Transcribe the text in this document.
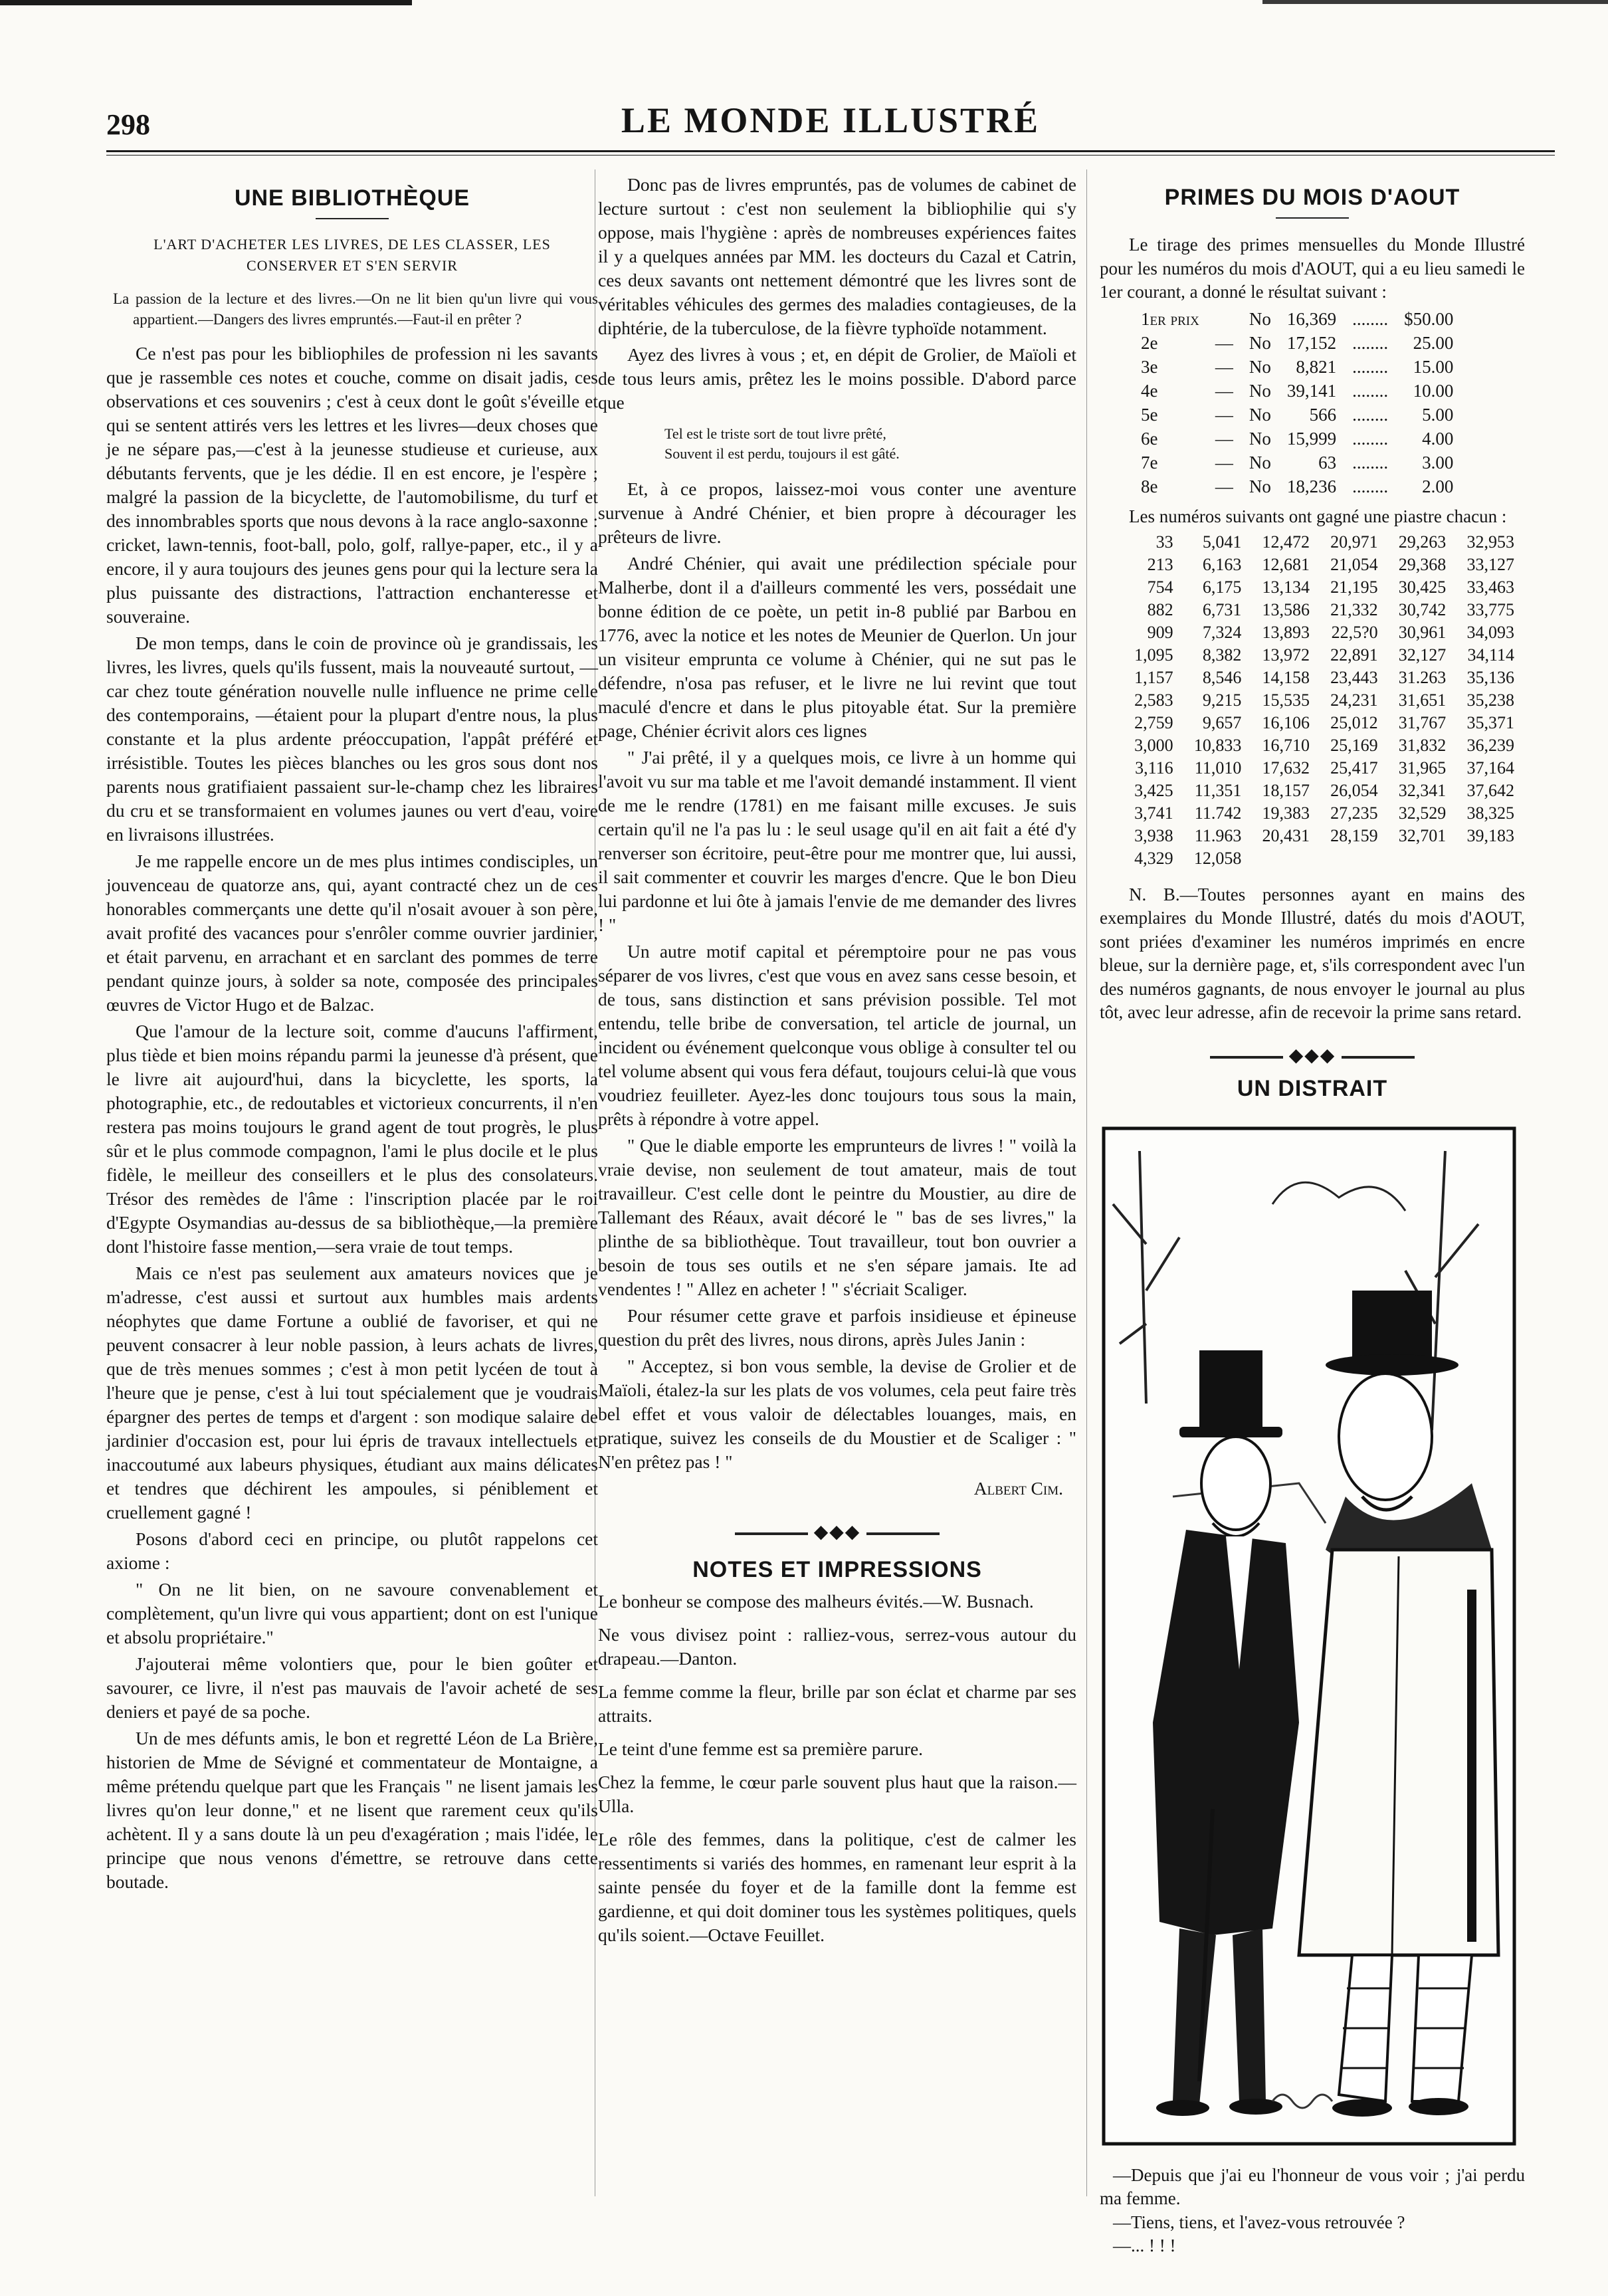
298	LE MONDE ILLUSTRÉ
UNE BIBLIOTHÈQUE
L'ART D'ACHETER LES LIVRES, DE LES CLASSER, LES CONSERVER ET S'EN SERVIR
La passion de la lecture et des livres.—On ne lit bien qu'un livre qui vous appartient.—Dangers des livres empruntés.—Faut-il en prêter ?

Ce n'est pas pour les bibliophiles de profession ni les savants que je rassemble ces notes et couche, comme on disait jadis, ces observations et ces souvenirs ; c'est à ceux dont le goût s'éveille et qui se sentent attirés vers les lettres et les livres—deux choses que je ne sépare pas,—c'est à la jeunesse studieuse et curieuse, aux débutants fervents, que je les dédie. Il en est encore, je l'espère ; malgré la passion de la bicyclette, de l'automobilisme, du turf et des innombrables sports que nous devons à la race anglo-saxonne : cricket, lawn-tennis, foot-ball, polo, golf, rallye-paper, etc., il y a encore, il y aura toujours des jeunes gens pour qui la lecture sera la plus puissante des distractions, l'attraction enchanteresse et souveraine.

De mon temps, dans le coin de province où je grandissais, les livres, les livres, quels qu'ils fussent, mais la nouveauté surtout, —car chez toute génération nouvelle nulle influence ne prime celle des contemporains, —étaient pour la plupart d'entre nous, la plus constante et la plus ardente préoccupation, l'appât préféré et irrésistible. Toutes les pièces blanches ou les gros sous dont nos parents nous gratifiaient passaient sur-le-champ chez les libraires du cru et se transformaient en volumes jaunes ou vert d'eau, voire en livraisons illustrées.

Je me rappelle encore un de mes plus intimes condisciples, un jouvenceau de quatorze ans, qui, ayant contracté chez un de ces honorables commerçants une dette qu'il n'osait avouer à son père, avait profité des vacances pour s'enrôler comme ouvrier jardinier, et était parvenu, en arrachant et en sarclant des pommes de terre pendant quinze jours, à solder sa note, composée des principales œuvres de Victor Hugo et de Balzac.

Que l'amour de la lecture soit, comme d'aucuns l'affirment, plus tiède et bien moins répandu parmi la jeunesse d'à présent, que le livre ait aujourd'hui, dans la bicyclette, les sports, la photographie, etc., de redoutables et victorieux concurrents, il n'en restera pas moins toujours le grand agent de tout progrès, le plus sûr et le plus commode compagnon, l'ami le plus docile et le plus fidèle, le meilleur des conseillers et le plus des consolateurs. Trésor des remèdes de l'âme : l'inscription placée par le roi d'Egypte Osymandias au-dessus de sa bibliothèque,—la première dont l'histoire fasse mention,—sera vraie de tout temps.

Mais ce n'est pas seulement aux amateurs novices que je m'adresse, c'est aussi et surtout aux humbles mais ardents néophytes que dame Fortune a oublié de favoriser, et qui ne peuvent consacrer à leur noble passion, à leurs achats de livres, que de très menues sommes ; c'est à mon petit lycéen de tout à l'heure que je pense, c'est à lui tout spécialement que je voudrais épargner des pertes de temps et d'argent : son modique salaire de jardinier d'occasion est, pour lui épris de travaux intellectuels et inaccoutumé aux labeurs physiques, étudiant aux mains délicates et tendres que déchirent les ampoules, si péniblement et cruellement gagné !

Posons d'abord ceci en principe, ou plutôt rappelons cet axiome :

" On ne lit bien, on ne savoure convenablement et complètement, qu'un livre qui vous appartient; dont on est l'unique et absolu propriétaire."

J'ajouterai même volontiers que, pour le bien goûter et savourer, ce livre, il n'est pas mauvais de l'avoir acheté de ses deniers et payé de sa poche.

Un de mes défunts amis, le bon et regretté Léon de La Brière, historien de Mme de Sévigné et commentateur de Montaigne, a même prétendu quelque part que les Français " ne lisent jamais les livres qu'on leur donne," et ne lisent que rarement ceux qu'ils achètent. Il y a sans doute là un peu d'exagération ; mais l'idée, le principe que nous venons d'émettre, se retrouve dans cette boutade.

Donc pas de livres empruntés, pas de volumes de cabinet de lecture surtout : c'est non seulement la bibliophilie qui s'y oppose, mais l'hygiène : après de nombreuses expériences faites il y a quelques années par MM. les docteurs du Cazal et Catrin, ces deux savants ont nettement démontré que les livres sont de véritables véhicules des germes des maladies contagieuses, de la diphtérie, de la tuberculose, de la fièvre typhoïde notamment.

Ayez des livres à vous ; et, en dépit de Grolier, de Maïoli et de tous leurs amis, prêtez les le moins possible. D'abord parce que

Tel est le triste sort de tout livre prêté,
Souvent il est perdu, toujours il est gâté.

Et, à ce propos, laissez-moi vous conter une aventure survenue à André Chénier, et bien propre à décourager les prêteurs de livre.

André Chénier, qui avait une prédilection spéciale pour Malherbe, dont il a d'ailleurs commenté les vers, possédait une bonne édition de ce poète, un petit in-8 publié par Barbou en 1776, avec la notice et les notes de Meunier de Querlon. Un jour un visiteur emprunta ce volume à Chénier, qui ne sut pas le défendre, n'osa pas refuser, et le livre ne lui revint que tout maculé d'encre et dans le plus pitoyable état. Sur la première page, Chénier écrivit alors ces lignes

" J'ai prêté, il y a quelques mois, ce livre à un homme qui l'avoit vu sur ma table et me l'avoit demandé instamment. Il vient de me le rendre (1781) en me faisant mille excuses. Je suis certain qu'il ne l'a pas lu : le seul usage qu'il en ait fait a été d'y renverser son écritoire, peut-être pour me montrer que, lui aussi, il sait commenter et couvrir les marges d'encre. Que le bon Dieu lui pardonne et lui ôte à jamais l'envie de me demander des livres ! "

Un autre motif capital et péremptoire pour ne pas vous séparer de vos livres, c'est que vous en avez sans cesse besoin, et de tous, sans distinction et sans prévision possible. Tel mot entendu, telle bribe de conversation, tel article de journal, un incident ou événement quelconque vous oblige à consulter tel ou tel volume absent qui vous fera défaut, toujours celui-là que vous voudriez feuilleter. Ayez-les donc toujours tous sous la main, prêts à répondre à votre appel.

" Que le diable emporte les emprunteurs de livres ! " voilà la vraie devise, non seulement de tout amateur, mais de tout travailleur. C'est celle dont le peintre du Moustier, au dire de Tallemant des Réaux, avait décoré le " bas de ses livres," la plinthe de sa bibliothèque. Tout travailleur, tout bon ouvrier a besoin de tous ses outils et ne s'en sépare jamais. Ite ad vendentes ! " Allez en acheter ! " s'écriait Scaliger.

Pour résumer cette grave et parfois insidieuse et épineuse question du prêt des livres, nous dirons, après Jules Janin :

" Acceptez, si bon vous semble, la devise de Grolier et de Maïoli, étalez-la sur les plats de vos volumes, cela peut faire très bel effet et vous valoir de délectables louanges, mais, en pratique, suivez les conseils de du Moustier et de Scaliger : " N'en prêtez pas ! "

Albert Cim.
◆◆◆
NOTES ET IMPRESSIONS

Le bonheur se compose des malheurs évités.—W. Busnach.

Ne vous divisez point : ralliez-vous, serrez-vous autour du drapeau.—Danton.

La femme comme la fleur, brille par son éclat et charme par ses attraits.

Le teint d'une femme est sa première parure.

Chez la femme, le cœur parle souvent plus haut que la raison.—Ulla.

Le rôle des femmes, dans la politique, c'est de calmer les ressentiments si variés des hommes, en ramenant leur esprit à la sainte pensée du foyer et de la famille dont la femme est gardienne, et qui doit dominer tous les systèmes politiques, quels qu'ils soient.—Octave Feuillet.

PRIMES DU MOIS D'AOUT

Le tirage des primes mensuelles du Monde Illustré pour les numéros du mois d'AOUT, qui a eu lieu samedi le 1er courant, a donné le résultat suivant :

1er prix		No	16,369	........	$50.00
2e	—	No	17,152	........	25.00
3e	—	No	8,821	........	15.00
4e	—	No	39,141	........	10.00
5e	—	No	566	........	5.00
6e	—	No	15,999	........	4.00
7e	—	No	63	........	3.00
8e	—	No	18,236	........	2.00

Les numéros suivants ont gagné une piastre chacun :

33	5,041	12,472	20,971	29,263	32,953
213	6,163	12,681	21,054	29,368	33,127
754	6,175	13,134	21,195	30,425	33,463
882	6,731	13,586	21,332	30,742	33,775
909	7,324	13,893	22,5?0	30,961	34,093
1,095	8,382	13,972	22,891	32,127	34,114
1,157	8,546	14,158	23,443	31.263	35,136
2,583	9,215	15,535	24,231	31,651	35,238
2,759	9,657	16,106	25,012	31,767	35,371
3,000	10,833	16,710	25,169	31,832	36,239
3,116	11,010	17,632	25,417	31,965	37,164
3,425	11,351	18,157	26,054	32,341	37,642
3,741	11.742	19,383	27,235	32,529	38,325
3,938	11.963	20,431	28,159	32,701	39,183
4,329	12,058				

N. B.—Toutes personnes ayant en mains des exemplaires du Monde Illustré, datés du mois d'AOUT, sont priées d'examiner les numéros imprimés en encre bleue, sur la dernière page, et, s'ils correspondent avec l'un des numéros gagnants, de nous envoyer le journal au plus tôt, avec leur adresse, afin de recevoir la prime sans retard.

◆◆◆
UN DISTRAIT

—Depuis que j'ai eu l'honneur de vous voir ; j'ai perdu ma femme.

—Tiens, tiens, et l'avez-vous retrouvée ?

—... ! ! !
